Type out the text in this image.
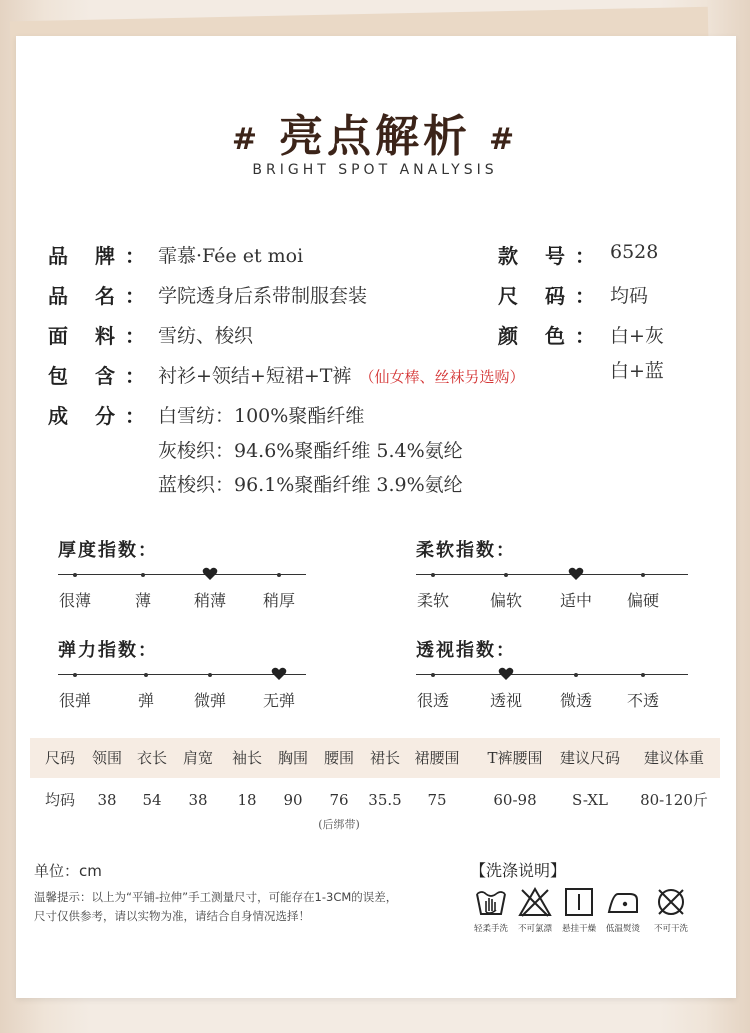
# 亮点解析 #
BRIGHT SPOT ANALYSIS
品 牌： 霏慕·Fée et moi
品 名： 学院透身后系带制服套装
面 料： 雪纺、梭织
包 含： 衬衫+领结+短裙+T裤 （仙女棒、丝袜另选购）
成 分： 白雪纺：100%聚酯纤维
灰梭织：94.6%聚酯纤维 5.4%氨纶
蓝梭织：96.1%聚酯纤维 3.9%氨纶
款 号： 6528
尺 码： 均码
颜 色： 白+灰
白+蓝
厚度指数：
很薄	薄	稍薄	稍厚
柔软指数：
柔软	偏软	适中	偏硬
弹力指数：
很弹	弹	微弹	无弹
透视指数：
很透	透视	微透	不透
尺码	领围 衣长	肩宽	袖长	胸围	腰围	裙长 裙腰围	T裤腰围	建议尺码	建议体重
均码	38	54	38	18	90	76	35.5	75	60-98	S-XL	80-120斤
(后绑带)
单位：cm
温馨提示：以上为“平铺-拉伸”手工测量尺寸，可能存在1-3CM的误差，
尺寸仅供参考，请以实物为准，请结合自身情况选择！
【洗涤说明】
轻柔手洗	不可氯漂	悬挂干燥	低温熨烫	不可干洗
